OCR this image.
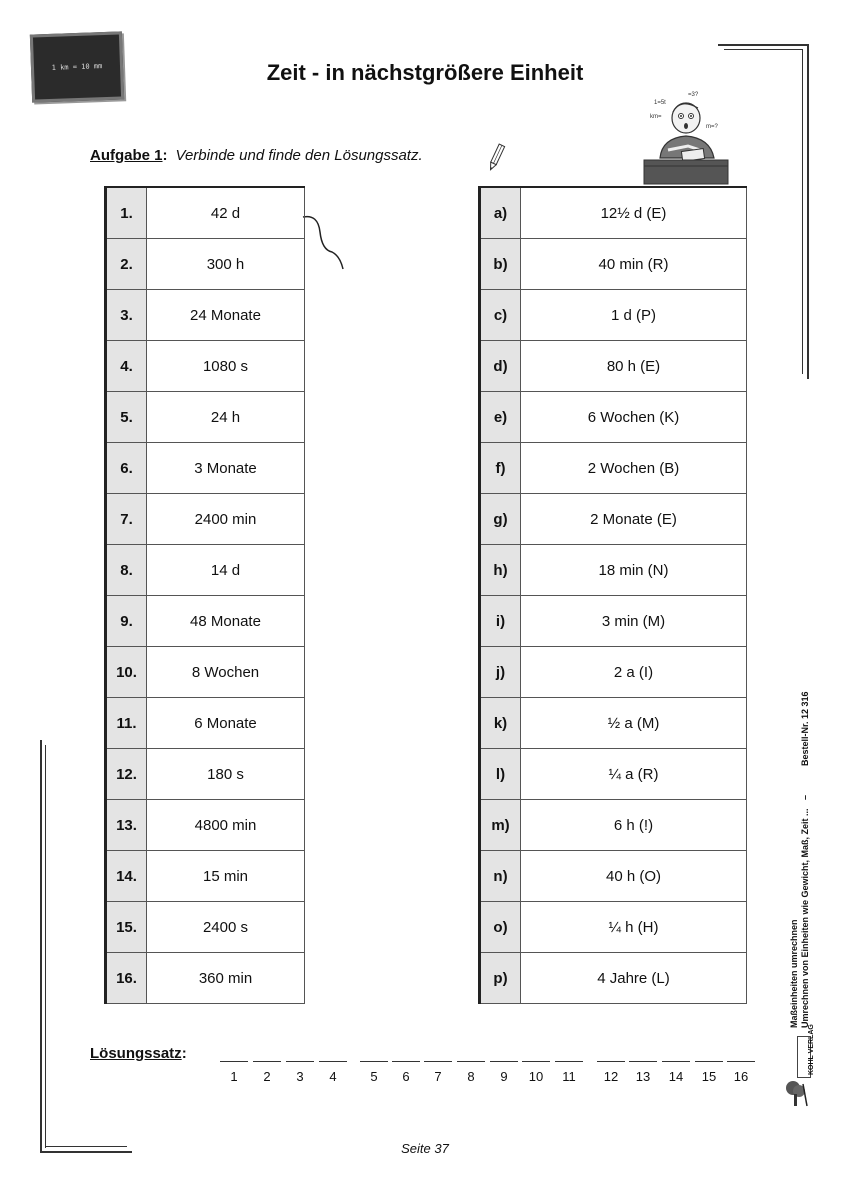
1 km = 10 mm	Zeit - in nächstgrößere Einheit
Aufgabe 1: Verbinde und finde den Lösungssatz.
1=5t
=3?
km=
m=?
1.	42 d
2.	300 h
3.	24 Monate
4.	1080 s
5.	24 h
6.	3 Monate
7.	2400 min
8.	14 d
9.	48 Monate
10.	8 Wochen
11.	6 Monate
12.	180 s
13.	4800 min
14.	15 min
15.	2400 s
16.	360 min
a)	12½ d (E)
b)	40 min (R)
c)	1 d (P)
d)	80 h (E)
e)	6 Wochen (K)
f)	2 Wochen (B)
g)	2 Monate (E)
h)	18 min (N)
i)	3 min (M)
j)	2 a (I)
k)	½ a (M)
l)	¼ a (R)
m)	6 h (!)
n)	40 h (O)
o)	¼ h (H)
p)	4 Jahre (L)
Lösungssatz:
1	2	3	4	5	6	7	8	9	10	11	12	13	14	15	16
Seite 37
Bestell-Nr. 12 316
–
Umrechnen von Einheiten wie Gewicht, Maß, Zeit ...
Maßeinheiten umrechnen
KOHL VERLAG
